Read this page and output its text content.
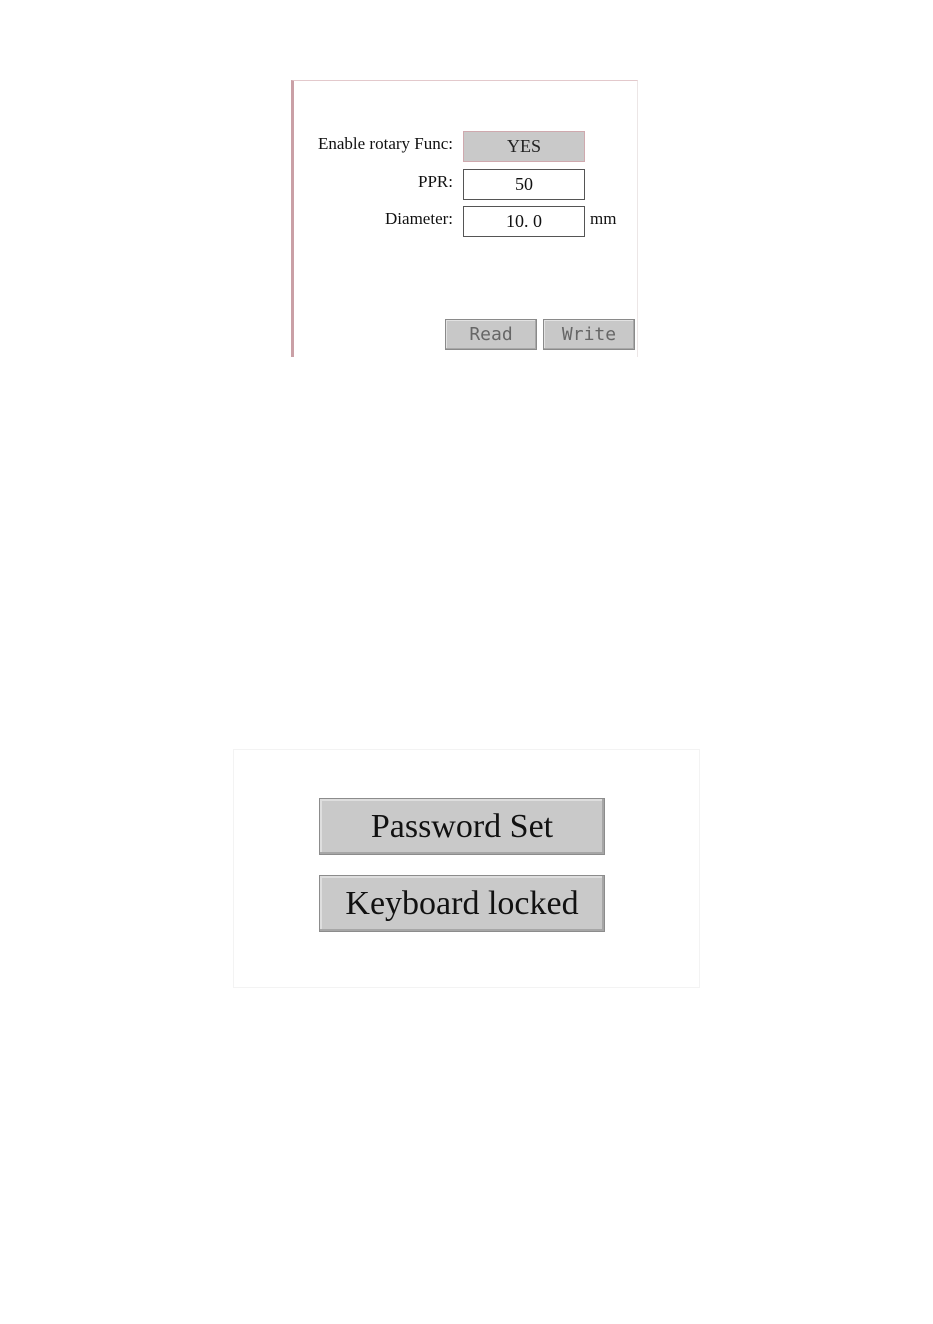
Enable rotary Func:	YES
PPR:	50
Diameter:	10. 0	mm
Read	Write
Password Set
Keyboard locked
